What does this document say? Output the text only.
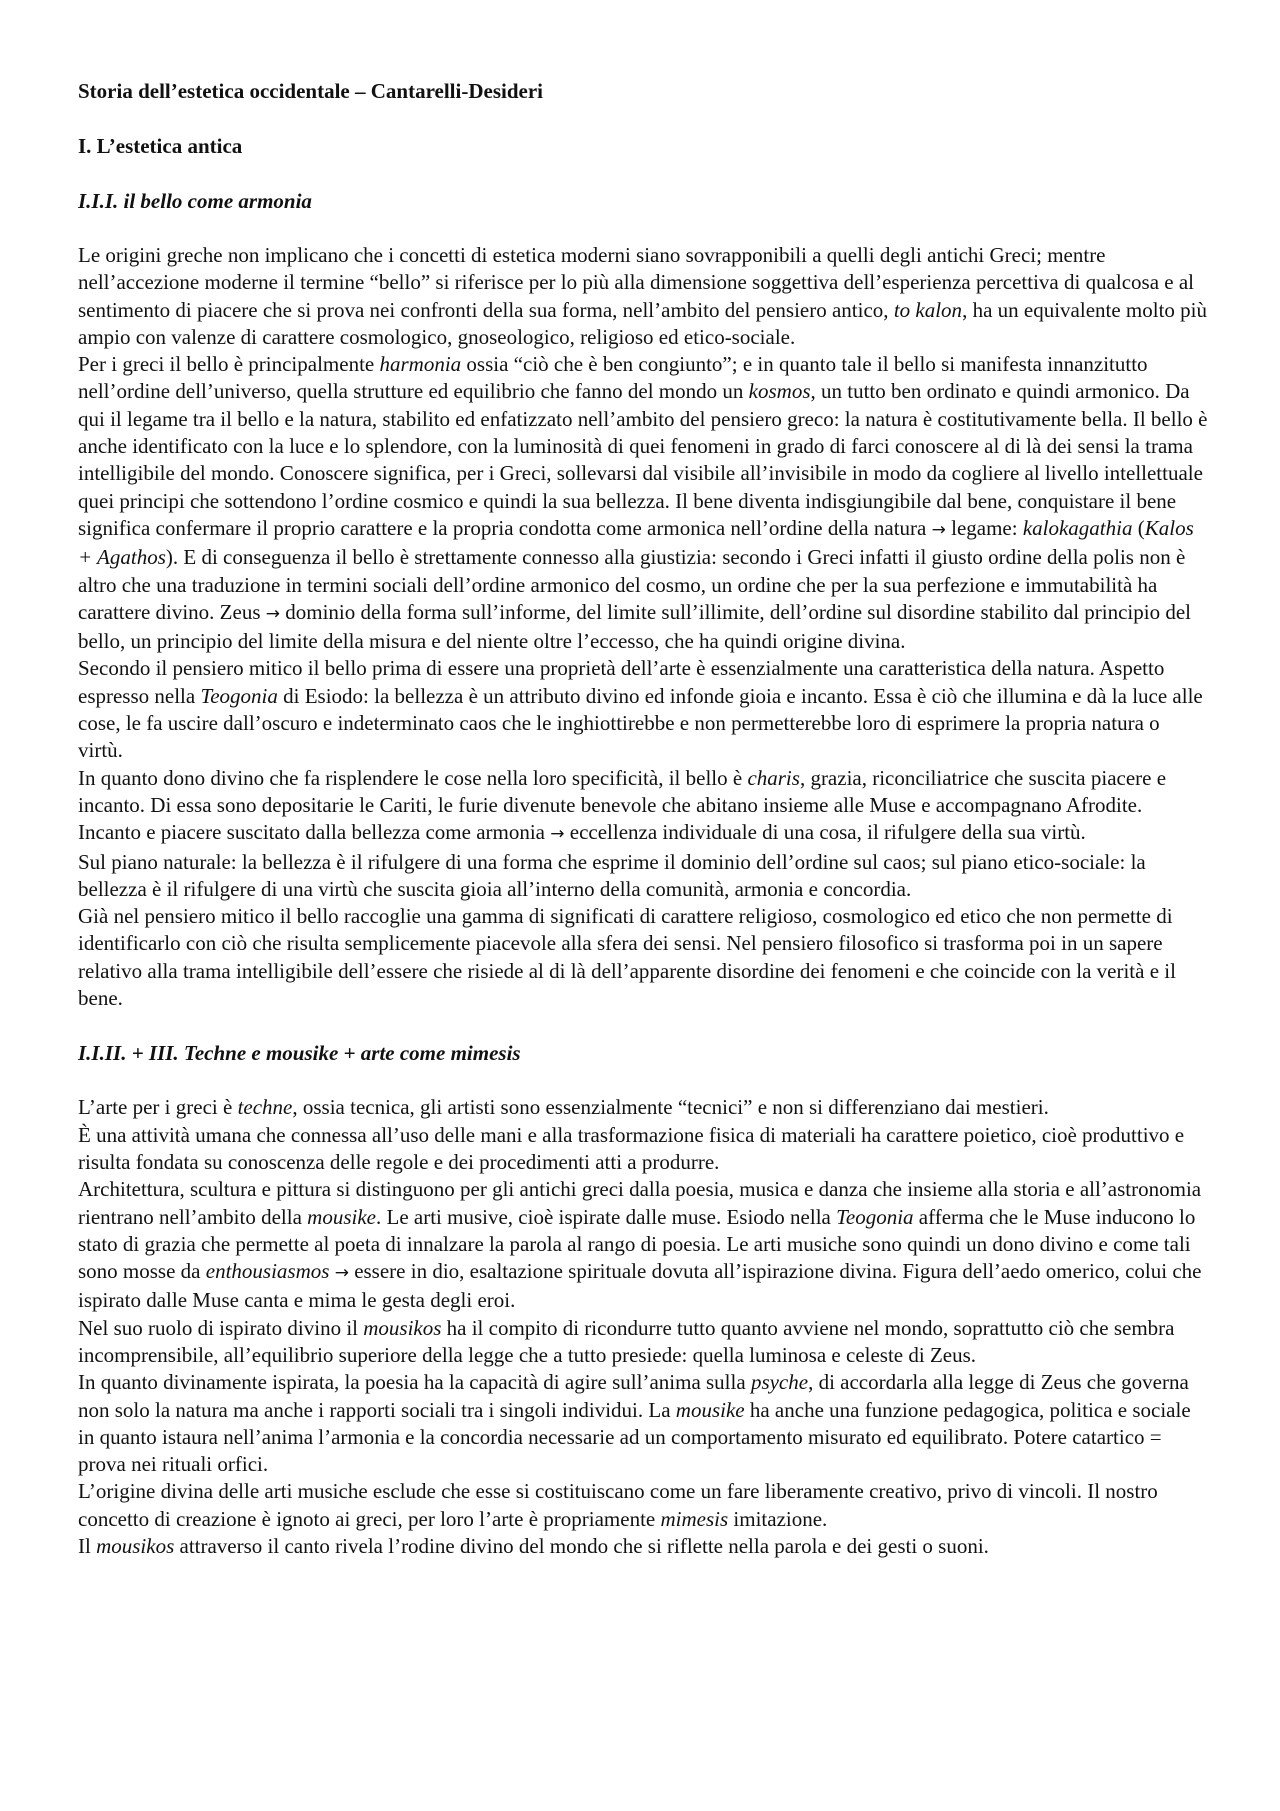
Storia dell’estetica occidentale – Cantarelli-Desideri

I. L’estetica antica

I.I.I. il bello come armonia

Le origini greche non implicano che i concetti di estetica moderni siano sovrapponibili a quelli degli antichi Greci; mentre nell’accezione moderne il termine “bello” si riferisce per lo più alla dimensione soggettiva dell’esperienza percettiva di qualcosa e al sentimento di piacere che si prova nei confronti della sua forma, nell’ambito del pensiero antico, to kalon, ha un equivalente molto più ampio con valenze di carattere cosmologico, gnoseologico, religioso ed etico-sociale.

Per i greci il bello è principalmente harmonia ossia “ciò che è ben congiunto”; e in quanto tale il bello si manifesta innanzitutto nell’ordine dell’universo, quella strutture ed equilibrio che fanno del mondo un kosmos, un tutto ben ordinato e quindi armonico. Da qui il legame tra il bello e la natura, stabilito ed enfatizzato nell’ambito del pensiero greco: la natura è costitutivamente bella. Il bello è anche identificato con la luce e lo splendore, con la luminosità di quei fenomeni in grado di farci conoscere al di là dei sensi la trama intelligibile del mondo. Conoscere significa, per i Greci, sollevarsi dal visibile all’invisibile in modo da cogliere al livello intellettuale quei principi che sottendono l’ordine cosmico e quindi la sua bellezza. Il bene diventa indisgiungibile dal bene, conquistare il bene significa confermare il proprio carattere e la propria condotta come armonica nell’ordine della natura → legame: kalokagathia (Kalos + Agathos). E di conseguenza il bello è strettamente connesso alla giustizia: secondo i Greci infatti il giusto ordine della polis non è altro che una traduzione in termini sociali dell’ordine armonico del cosmo, un ordine che per la sua perfezione e immutabilità ha carattere divino. Zeus → dominio della forma sull’informe, del limite sull’illimite, dell’ordine sul disordine stabilito dal principio del bello, un principio del limite della misura e del niente oltre l’eccesso, che ha quindi origine divina.

Secondo il pensiero mitico il bello prima di essere una proprietà dell’arte è essenzialmente una caratteristica della natura. Aspetto espresso nella Teogonia di Esiodo: la bellezza è un attributo divino ed infonde gioia e incanto. Essa è ciò che illumina e dà la luce alle cose, le fa uscire dall’oscuro e indeterminato caos che le inghiottirebbe e non permetterebbe loro di esprimere la propria natura o virtù.

In quanto dono divino che fa risplendere le cose nella loro specificità, il bello è charis, grazia, riconciliatrice che suscita piacere e incanto. Di essa sono depositarie le Cariti, le furie divenute benevole che abitano insieme alle Muse e accompagnano Afrodite. Incanto e piacere suscitato dalla bellezza come armonia → eccellenza individuale di una cosa, il rifulgere della sua virtù.

Sul piano naturale: la bellezza è il rifulgere di una forma che esprime il dominio dell’ordine sul caos; sul piano etico-sociale: la bellezza è il rifulgere di una virtù che suscita gioia all’interno della comunità, armonia e concordia.

Già nel pensiero mitico il bello raccoglie una gamma di significati di carattere religioso, cosmologico ed etico che non permette di identificarlo con ciò che risulta semplicemente piacevole alla sfera dei sensi. Nel pensiero filosofico si trasforma poi in un sapere relativo alla trama intelligibile dell’essere che risiede al di là dell’apparente disordine dei fenomeni e che coincide con la verità e il bene.

I.I.II. + III. Techne e mousike + arte come mimesis

L’arte per i greci è techne, ossia tecnica, gli artisti sono essenzialmente “tecnici” e non si differenziano dai mestieri.

È una attività umana che connessa all’uso delle mani e alla trasformazione fisica di materiali ha carattere poietico, cioè produttivo e risulta fondata su conoscenza delle regole e dei procedimenti atti a produrre.

Architettura, scultura e pittura si distinguono per gli antichi greci dalla poesia, musica e danza che insieme alla storia e all’astronomia rientrano nell’ambito della mousike. Le arti musive, cioè ispirate dalle muse. Esiodo nella Teogonia afferma che le Muse inducono lo stato di grazia che permette al poeta di innalzare la parola al rango di poesia. Le arti musiche sono quindi un dono divino e come tali sono mosse da enthousiasmos → essere in dio, esaltazione spirituale dovuta all’ispirazione divina. Figura dell’aedo omerico, colui che ispirato dalle Muse canta e mima le gesta degli eroi.

Nel suo ruolo di ispirato divino il mousikos ha il compito di ricondurre tutto quanto avviene nel mondo, soprattutto ciò che sembra incomprensibile, all’equilibrio superiore della legge che a tutto presiede: quella luminosa e celeste di Zeus.

In quanto divinamente ispirata, la poesia ha la capacità di agire sull’anima sulla psyche, di accordarla alla legge di Zeus che governa non solo la natura ma anche i rapporti sociali tra i singoli individui. La mousike ha anche una funzione pedagogica, politica e sociale in quanto istaura nell’anima l’armonia e la concordia necessarie ad un comportamento misurato ed equilibrato. Potere catartico = prova nei rituali orfici.

L’origine divina delle arti musiche esclude che esse si costituiscano come un fare liberamente creativo, privo di vincoli. Il nostro concetto di creazione è ignoto ai greci, per loro l’arte è propriamente mimesis imitazione.

Il mousikos attraverso il canto rivela l’rodine divino del mondo che si riflette nella parola e dei gesti o suoni.
